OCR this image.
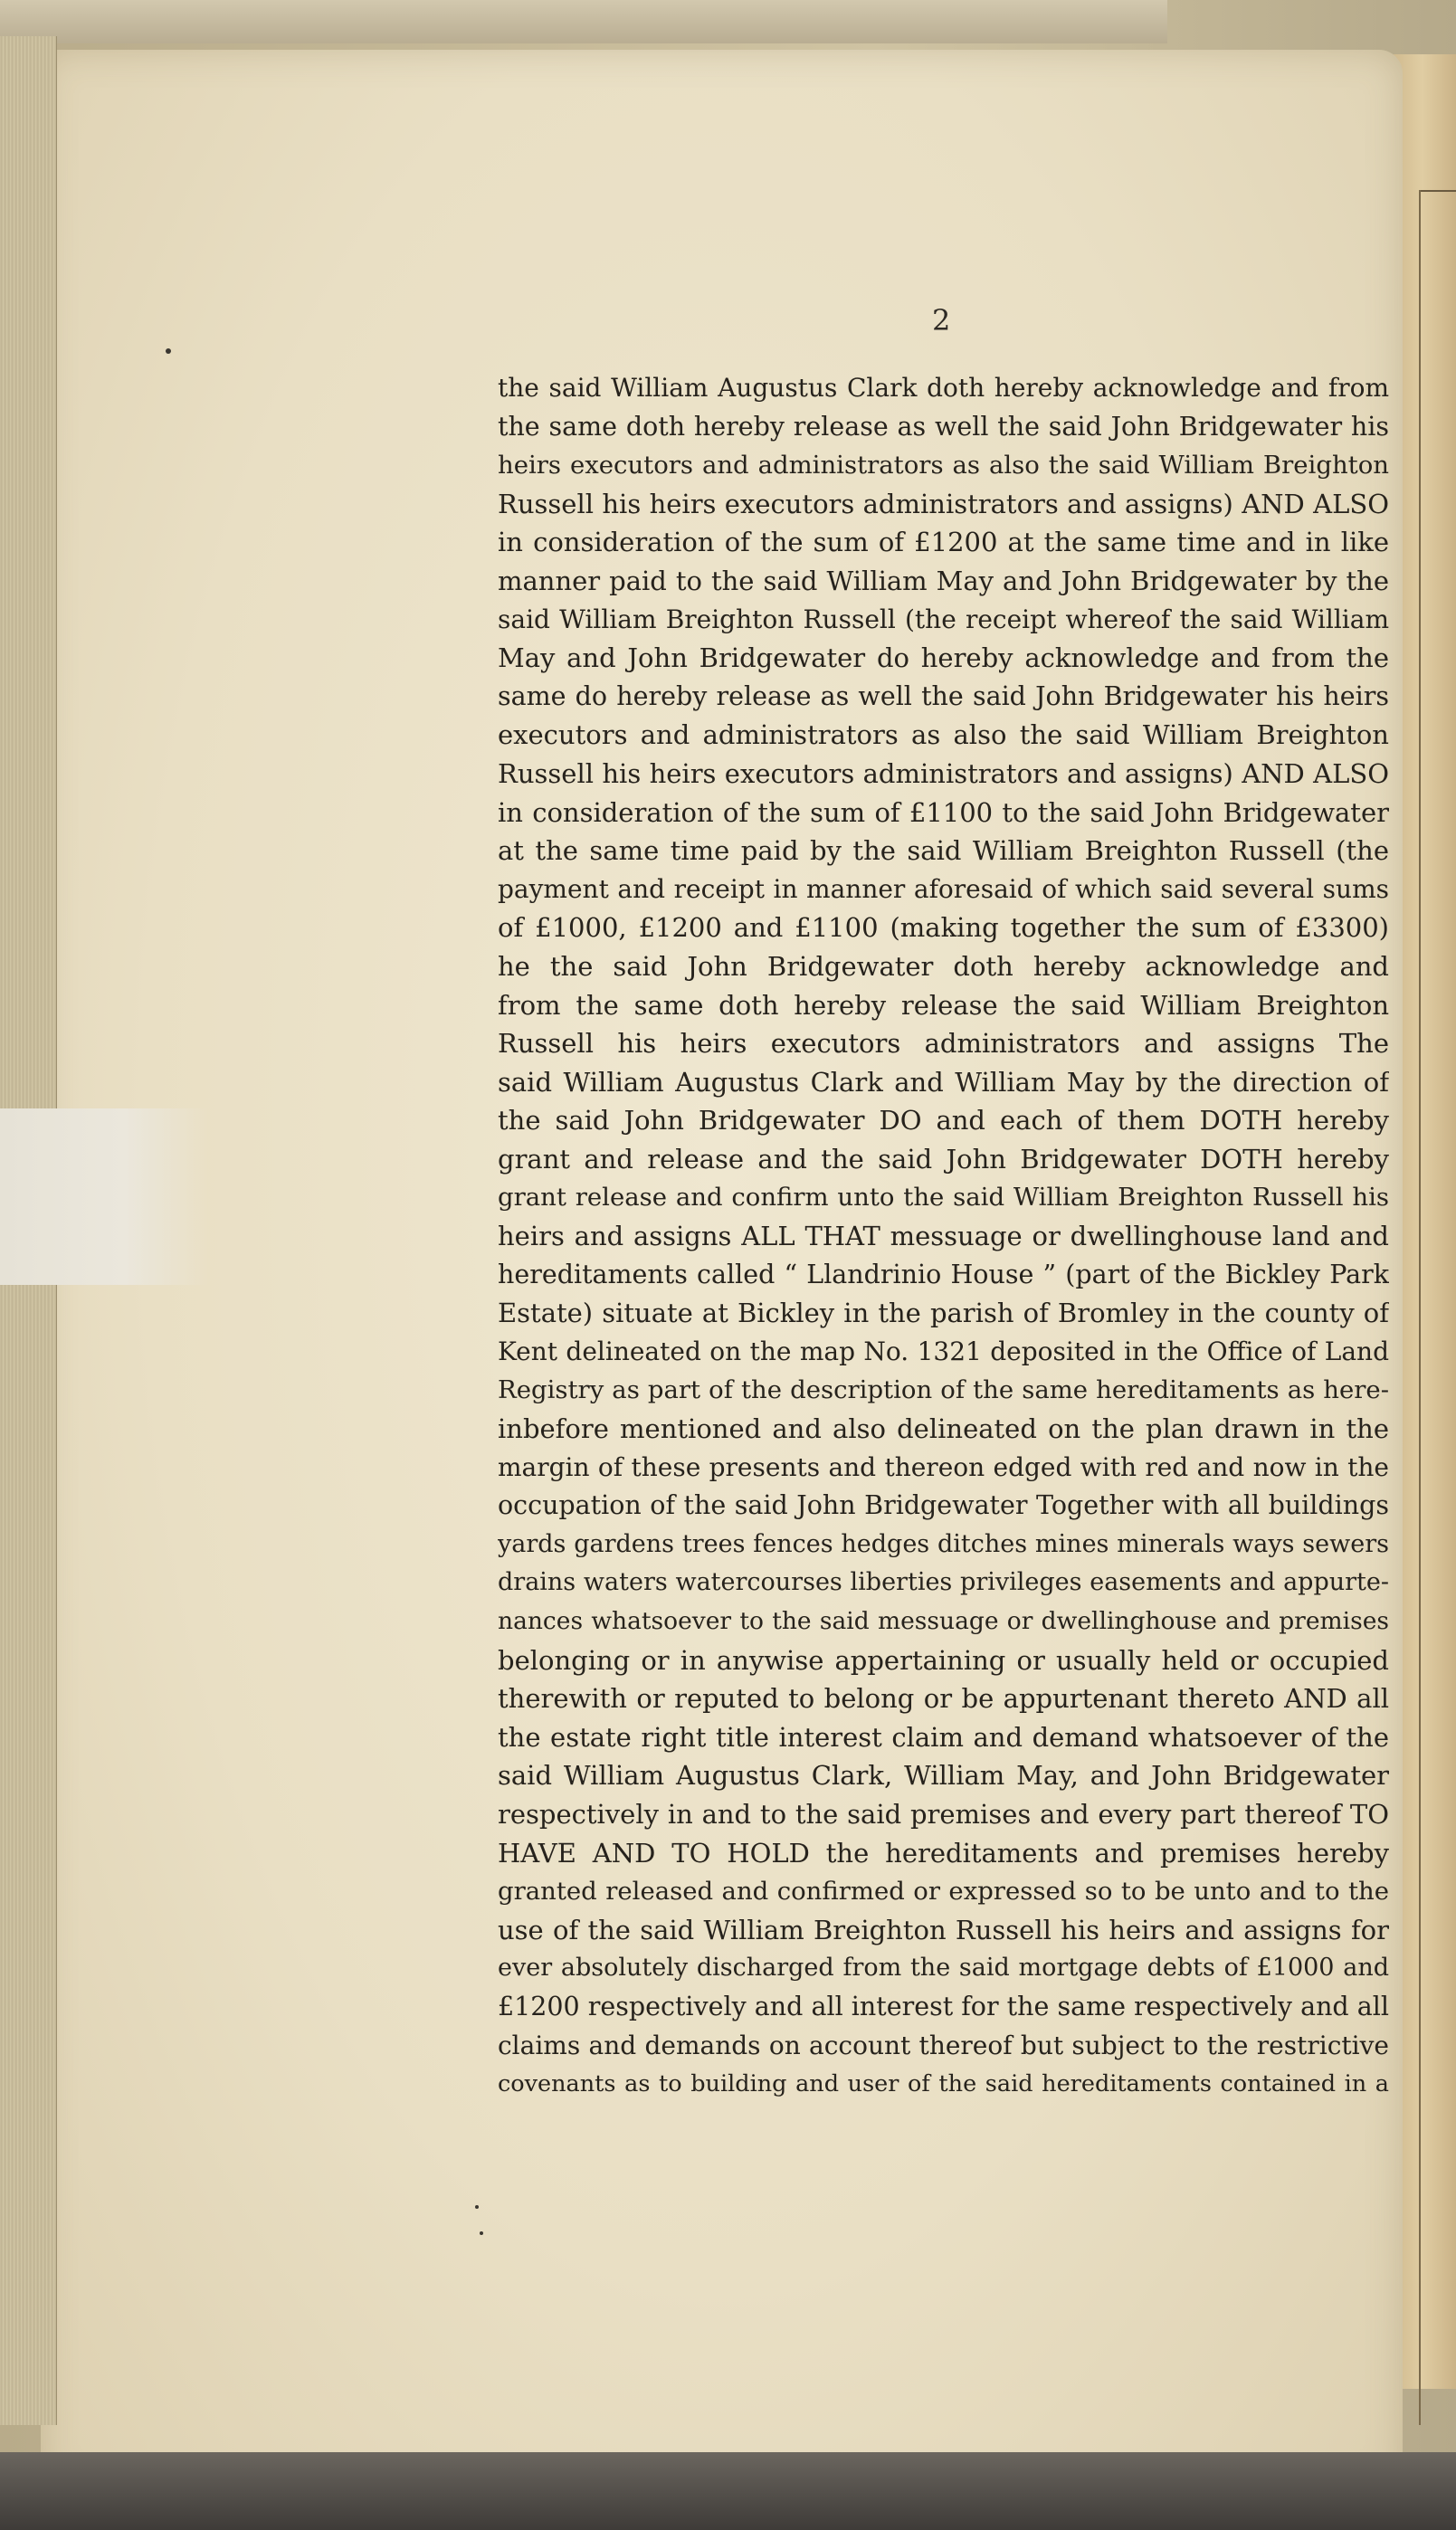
2
the said William Augustus Clark doth hereby acknowledge and from
the same doth hereby release as well the said John Bridgewater his
heirs executors and administrators as also the said William Breighton
Russell his heirs executors administrators and assigns) AND ALSO
in consideration of the sum of £1200 at the same time and in like
manner paid to the said William May and John Bridgewater by the
said William Breighton Russell (the receipt whereof the said William
May and John Bridgewater do hereby acknowledge and from the
same do hereby release as well the said John Bridgewater his heirs
executors and administrators as also the said William Breighton
Russell his heirs executors administrators and assigns) AND ALSO
in consideration of the sum of £1100 to the said John Bridgewater
at the same time paid by the said William Breighton Russell (the
payment and receipt in manner aforesaid of which said several sums
of £1000, £1200 and £1100 (making together the sum of £3300)
he the said John Bridgewater doth hereby acknowledge and
from the same doth hereby release the said William Breighton
Russell his heirs executors administrators and assigns The
said William Augustus Clark and William May by the direction of
the said John Bridgewater DO and each of them DOTH hereby
grant and release and the said John Bridgewater DOTH hereby
grant release and confirm unto the said William Breighton Russell his
heirs and assigns ALL THAT messuage or dwellinghouse land and
hereditaments called “ Llandrinio House ” (part of the Bickley Park
Estate) situate at Bickley in the parish of Bromley in the county of
Kent delineated on the map No. 1321 deposited in the Office of Land
Registry as part of the description of the same hereditaments as here-
inbefore mentioned and also delineated on the plan drawn in the
margin of these presents and thereon edged with red and now in the
occupation of the said John Bridgewater Together with all buildings
yards gardens trees fences hedges ditches mines minerals ways sewers
drains waters watercourses liberties privileges easements and appurte-
nances whatsoever to the said messuage or dwellinghouse and premises
belonging or in anywise appertaining or usually held or occupied
therewith or reputed to belong or be appurtenant thereto AND all
the estate right title interest claim and demand whatsoever of the
said William Augustus Clark, William May, and John Bridgewater
respectively in and to the said premises and every part thereof TO
HAVE AND TO HOLD the hereditaments and premises hereby
granted released and confirmed or expressed so to be unto and to the
use of the said William Breighton Russell his heirs and assigns for
ever absolutely discharged from the said mortgage debts of £1000 and
£1200 respectively and all interest for the same respectively and all
claims and demands on account thereof but subject to the restrictive
covenants as to building and user of the said hereditaments contained in a
